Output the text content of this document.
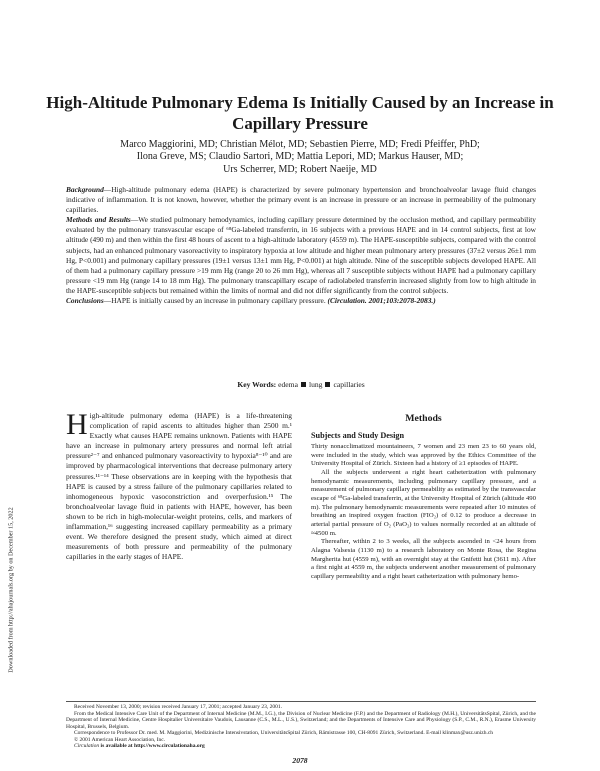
High-Altitude Pulmonary Edema Is Initially Caused by an Increase in Capillary Pressure
Marco Maggiorini, MD; Christian Mélot, MD; Sebastien Pierre, MD; Fredi Pfeiffer, PhD;
Ilona Greve, MS; Claudio Sartori, MD; Mattia Lepori, MD; Markus Hauser, MD;
Urs Scherrer, MD; Robert Naeije, MD

Background—High-altitude pulmonary edema (HAPE) is characterized by severe pulmonary hypertension and bronchoalveolar lavage fluid changes indicative of inflammation. It is not known, however, whether the primary event is an increase in pressure or an increase in permeability of the pulmonary capillaries.

Methods and Results—We studied pulmonary hemodynamics, including capillary pressure determined by the occlusion method, and capillary permeability evaluated by the pulmonary transvascular escape of ⁶⁸Ga-labeled transferrin, in 16 subjects with a previous HAPE and in 14 control subjects, first at low altitude (490 m) and then within the first 48 hours of ascent to a high-altitude laboratory (4559 m). The HAPE-susceptible subjects, compared with the control subjects, had an enhanced pulmonary vasoreactivity to inspiratory hypoxia at low altitude and higher mean pulmonary artery pressures (37±2 versus 26±1 mm Hg, P<0.001) and pulmonary capillary pressures (19±1 versus 13±1 mm Hg, P<0.001) at high altitude. Nine of the susceptible subjects developed HAPE. All of them had a pulmonary capillary pressure >19 mm Hg (range 20 to 26 mm Hg), whereas all 7 susceptible subjects without HAPE had a pulmonary capillary pressure <19 mm Hg (range 14 to 18 mm Hg). The pulmonary transcapillary escape of radiolabeled transferrin increased slightly from low to high altitude in the HAPE-susceptible subjects but remained within the limits of normal and did not differ significantly from the control subjects.

Conclusions—HAPE is initially caused by an increase in pulmonary capillary pressure. (Circulation. 2001;103:2078-2083.)

Key Words: edema lung capillaries
Downloaded from http://ahajournals.org by on December 15, 2022

High-altitude pulmonary edema (HAPE) is a life-threatening complication of rapid ascents to altitudes higher than 2500 m.¹ Exactly what causes HAPE remains unknown. Patients with HAPE have an increase in pulmonary artery pressures and normal left atrial pressure²⁻⁷ and enhanced pulmonary vasoreactivity to hypoxia⁸⁻¹⁰ and are improved by pharmacological interventions that decrease pulmonary artery pressures.¹¹⁻¹⁴ These observations are in keeping with the hypothesis that HAPE is caused by a stress failure of the pulmonary capillaries related to inhomogeneous hypoxic vasoconstriction and overperfusion.¹⁵ The bronchoalveolar lavage fluid in patients with HAPE, however, has been shown to be rich in high-molecular-weight proteins, cells, and markers of inflammation,¹⁶ suggesting increased capillary permeability as a primary event. We therefore designed the present study, which aimed at direct measurements of both pressure and permeability of the pulmonary capillaries in the early stages of HAPE.

Methods
Subjects and Study Design

Thirty nonacclimatized mountaineers, 7 women and 23 men 23 to 60 years old, were included in the study, which was approved by the Ethics Committee of the University Hospital of Zürich. Sixteen had a history of ≥1 episodes of HAPE.

All the subjects underwent a right heart catheterization with pulmonary hemodynamic measurements, including pulmonary capillary pressure, and a measurement of pulmonary capillary permeability as estimated by the transvascular escape of ⁶⁸Ga-labeled transferrin, at the University Hospital of Zürich (altitude 490 m). The pulmonary hemodynamic measurements were repeated after 10 minutes of breathing an inspired oxygen fraction (FIO₂) of 0.12 to produce a decrease in arterial partial pressure of O₂ (PaO₂) to values normally recorded at an altitude of ≈4500 m.

Thereafter, within 2 to 3 weeks, all the subjects ascended in <24 hours from Alagna Valsesia (1130 m) to a research laboratory on Monte Rosa, the Regina Margherita hut (4559 m), with an overnight stay at the Gnifetti hut (3611 m). After a first night at 4559 m, the subjects underwent another measurement of pulmonary capillary permeability and a right heart catheterization with pulmonary hemo-

Received November 13, 2000; revision received January 17, 2001; accepted January 23, 2001.

From the Medical Intensive Care Unit of the Department of Internal Medicine (M.M., I.G.), the Division of Nuclear Medicine (F.P.) and the Department of Radiology (M.H.), UniversitätsSpital, Zürich, and the Department of Internal Medicine, Centre Hospitalier Universitaire Vaudois, Lausanne (C.S., M.L., U.S.), Switzerland; and the Departments of Intensive Care and Physiology (S.P., C.M., R.N.), Erasme University Hospital, Brussels, Belgium.

Correspondence to Professor Dr. med. M. Maggiorini, Medizinische Intensivstation, UniversitätsSpital Zürich, Rämistrasse 100, CH-8091 Zürich, Switzerland. E-mail klinmax@usz.unizh.ch

© 2001 American Heart Association, Inc.

Circulation is available at http://www.circulationaha.org

2078
